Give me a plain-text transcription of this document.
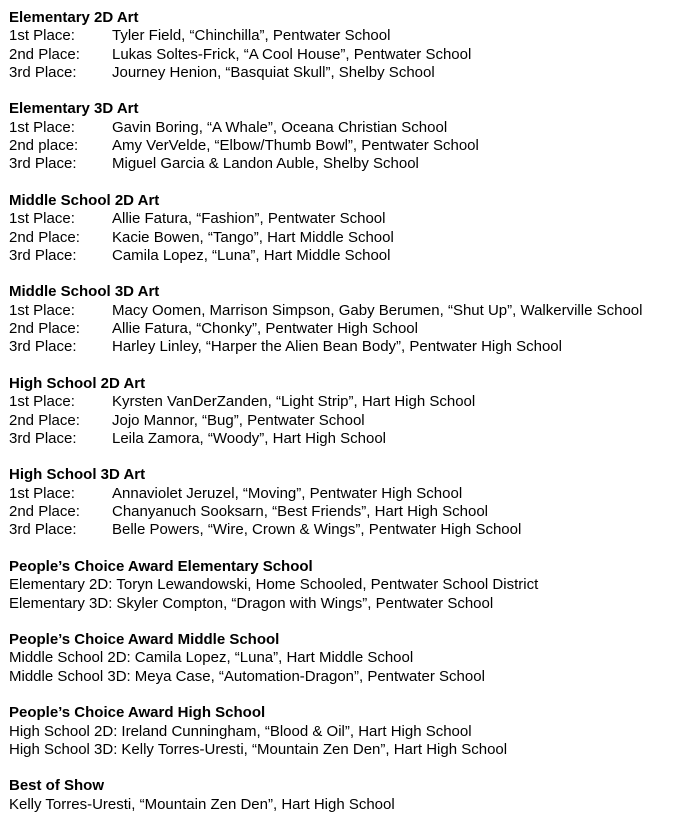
Elementary 2D Art
1st Place: Tyler Field, “Chinchilla”, Pentwater School
2nd Place: Lukas Soltes-Frick, “A Cool House”, Pentwater School
3rd Place: Journey Henion, “Basquiat Skull”, Shelby School
Elementary 3D Art
1st Place: Gavin Boring, “A Whale”, Oceana Christian School
2nd place: Amy VerVelde, “Elbow/Thumb Bowl”, Pentwater School
3rd Place: Miguel Garcia & Landon Auble, Shelby School
Middle School 2D Art
1st Place: Allie Fatura, “Fashion”, Pentwater School
2nd Place: Kacie Bowen, “Tango”, Hart Middle School
3rd Place: Camila Lopez, “Luna”, Hart Middle School
Middle School 3D Art
1st Place: Macy Oomen, Marrison Simpson, Gaby Berumen, “Shut Up”, Walkerville School
2nd Place: Allie Fatura, “Chonky”, Pentwater High School
3rd Place: Harley Linley, “Harper the Alien Bean Body”, Pentwater High School
High School 2D Art
1st Place: Kyrsten VanDerZanden, “Light Strip”, Hart High School
2nd Place: Jojo Mannor, “Bug”, Pentwater School
3rd Place: Leila Zamora, “Woody”, Hart High School
High School 3D Art
1st Place: Annaviolet Jeruzel, “Moving”, Pentwater High School
2nd Place: Chanyanuch Sooksarn, “Best Friends”, Hart High School
3rd Place: Belle Powers, “Wire, Crown & Wings”, Pentwater High School
People’s Choice Award Elementary School
Elementary 2D: Toryn Lewandowski, Home Schooled, Pentwater School District
Elementary 3D: Skyler Compton, “Dragon with Wings”, Pentwater School
People’s Choice Award Middle School
Middle School 2D: Camila Lopez, “Luna”, Hart Middle School
Middle School 3D: Meya Case, “Automation-Dragon”, Pentwater School
People’s Choice Award High School
High School 2D: Ireland Cunningham, “Blood & Oil”, Hart High School
High School 3D: Kelly Torres-Uresti, “Mountain Zen Den”, Hart High School
Best of Show
Kelly Torres-Uresti, “Mountain Zen Den”, Hart High School
